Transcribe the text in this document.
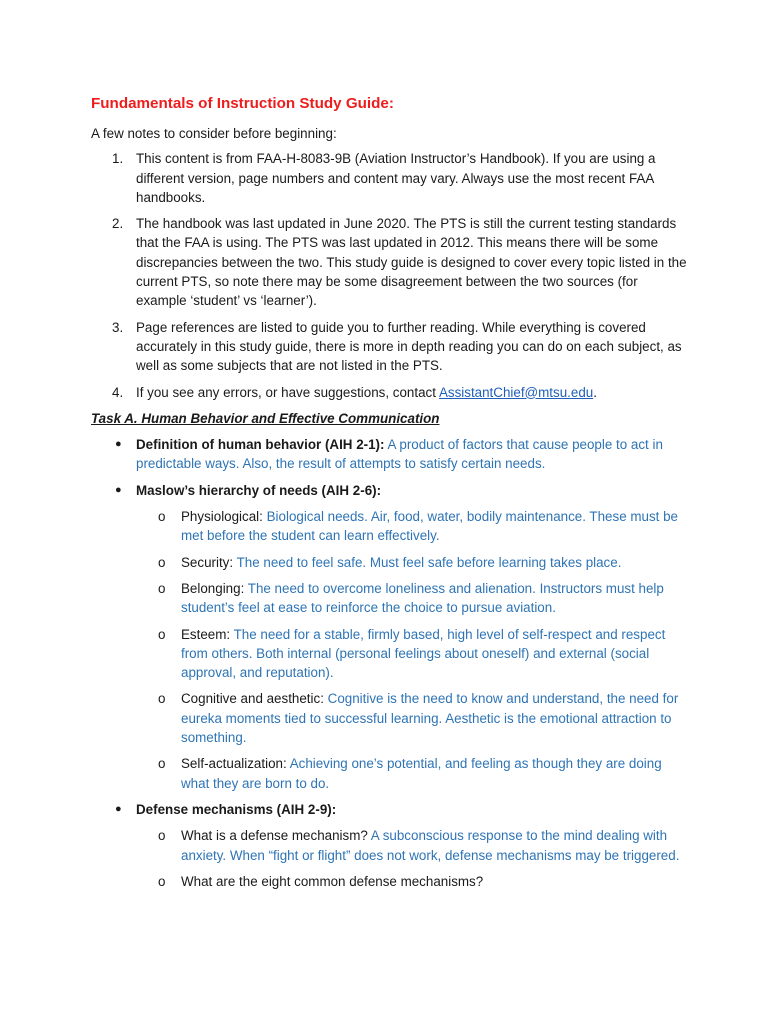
Fundamentals of Instruction Study Guide:
A few notes to consider before beginning:
1. This content is from FAA-H-8083-9B (Aviation Instructor’s Handbook). If you are using a different version, page numbers and content may vary. Always use the most recent FAA handbooks.
2. The handbook was last updated in June 2020. The PTS is still the current testing standards that the FAA is using. The PTS was last updated in 2012. This means there will be some discrepancies between the two. This study guide is designed to cover every topic listed in the current PTS, so note there may be some disagreement between the two sources (for example ‘student’ vs ‘learner’).
3. Page references are listed to guide you to further reading. While everything is covered accurately in this study guide, there is more in depth reading you can do on each subject, as well as some subjects that are not listed in the PTS.
4. If you see any errors, or have suggestions, contact AssistantChief@mtsu.edu.
Task A. Human Behavior and Effective Communication
● Definition of human behavior (AIH 2-1): A product of factors that cause people to act in predictable ways. Also, the result of attempts to satisfy certain needs.
● Maslow’s hierarchy of needs (AIH 2-6):
o Physiological: Biological needs. Air, food, water, bodily maintenance. These must be met before the student can learn effectively.
o Security: The need to feel safe. Must feel safe before learning takes place.
o Belonging: The need to overcome loneliness and alienation. Instructors must help student’s feel at ease to reinforce the choice to pursue aviation.
o Esteem: The need for a stable, firmly based, high level of self-respect and respect from others. Both internal (personal feelings about oneself) and external (social approval, and reputation).
o Cognitive and aesthetic: Cognitive is the need to know and understand, the need for eureka moments tied to successful learning. Aesthetic is the emotional attraction to something.
o Self-actualization: Achieving one’s potential, and feeling as though they are doing what they are born to do.
● Defense mechanisms (AIH 2-9):
o What is a defense mechanism? A subconscious response to the mind dealing with anxiety. When “fight or flight” does not work, defense mechanisms may be triggered.
o What are the eight common defense mechanisms?
